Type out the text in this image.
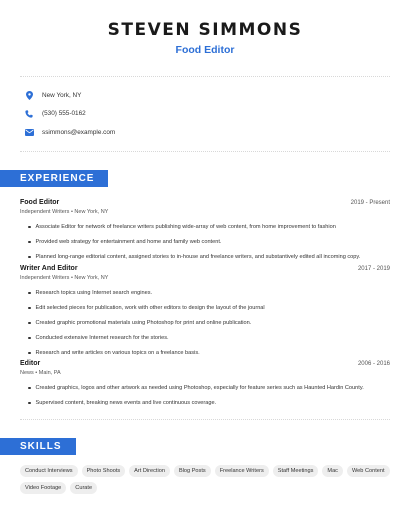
STEVEN SIMMONS
Food Editor
New York, NY
(530) 555-0162
ssimmons@example.com
EXPERIENCE
Food Editor	2019 - Present
Independent Writers • New York, NY
Associate Editor for network of freelance writers publishing wide-array of web content, from home improvement to fashion
Provided web strategy for entertainment and home and family web content.
Planned long-range editorial content, assigned stories to in-house and freelance writers, and substantively edited all incoming copy.
Writer And Editor	2017 - 2019
Independent Writers • New York, NY
Research topics using Internet search engines.
Edit selected pieces for publication, work with other editors to design the layout of the journal
Created graphic promotional materials using Photoshop for print and online publication.
Conducted extensive Internet research for the stories.
Research and write articles on various topics on a freelance basis.
Editor	2006 - 2016
News • Main, PA
Created graphics, logos and other artwork as needed using Photoshop, especially for feature series such as Haunted Hardin County.
Supervised content, breaking news events and live continuous coverage.
SKILLS
Conduct Interviews	Photo Shoots	Art Direction	Blog Posts	Freelance Writers	Staff Meetings	Mac	Web Content
Video Footage	Curate
